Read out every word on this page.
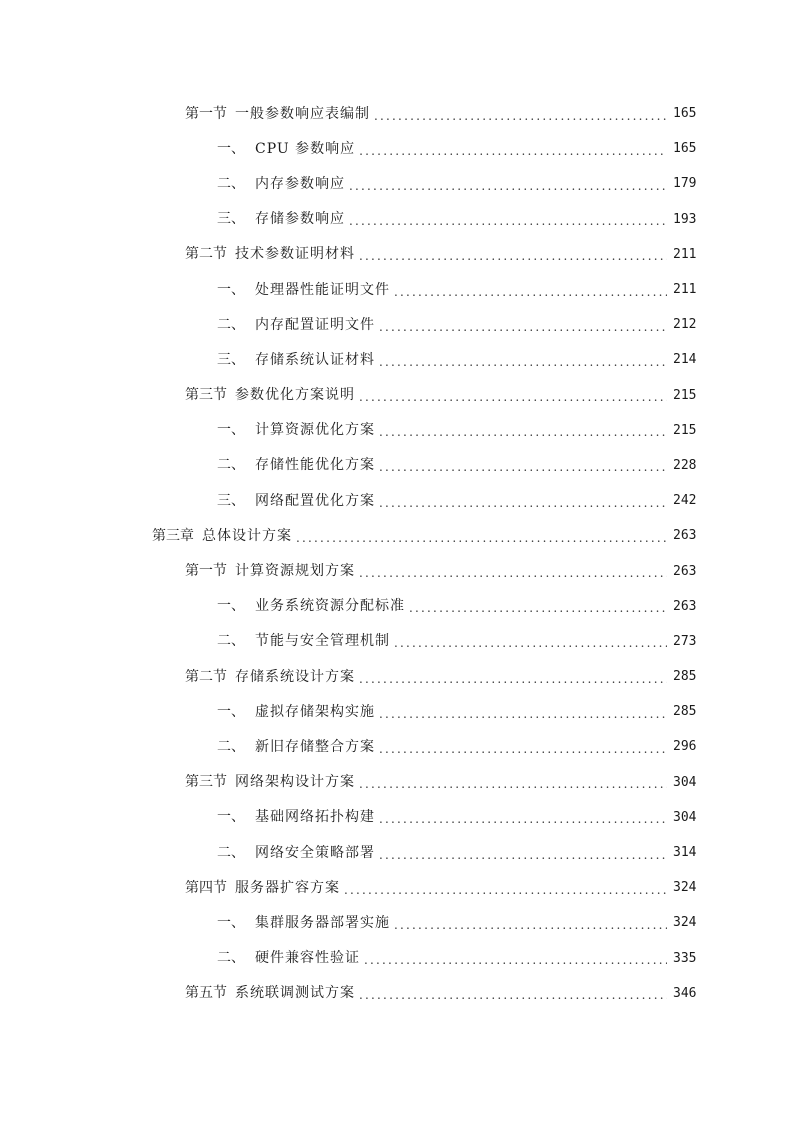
第一节 一般参数响应表编制 .....	165
一、 CPU 参数响应 .....	165
二、 内存参数响应 .....	179
三、 存储参数响应 .....	193
第二节 技术参数证明材料 .....	211
一、 处理器性能证明文件 .....	211
二、 内存配置证明文件 .....	212
三、 存储系统认证材料 .....	214
第三节 参数优化方案说明 .....	215
一、 计算资源优化方案 .....	215
二、 存储性能优化方案 .....	228
三、 网络配置优化方案 .....	242
第三章 总体设计方案 .....	263
第一节 计算资源规划方案 .....	263
一、 业务系统资源分配标准 .....	263
二、 节能与安全管理机制 .....	273
第二节 存储系统设计方案 .....	285
一、 虚拟存储架构实施 .....	285
二、 新旧存储整合方案 .....	296
第三节 网络架构设计方案 .....	304
一、 基础网络拓扑构建 .....	304
二、 网络安全策略部署 .....	314
第四节 服务器扩容方案 .....	324
一、 集群服务器部署实施 .....	324
二、 硬件兼容性验证 .....	335
第五节 系统联调测试方案 .....	346
